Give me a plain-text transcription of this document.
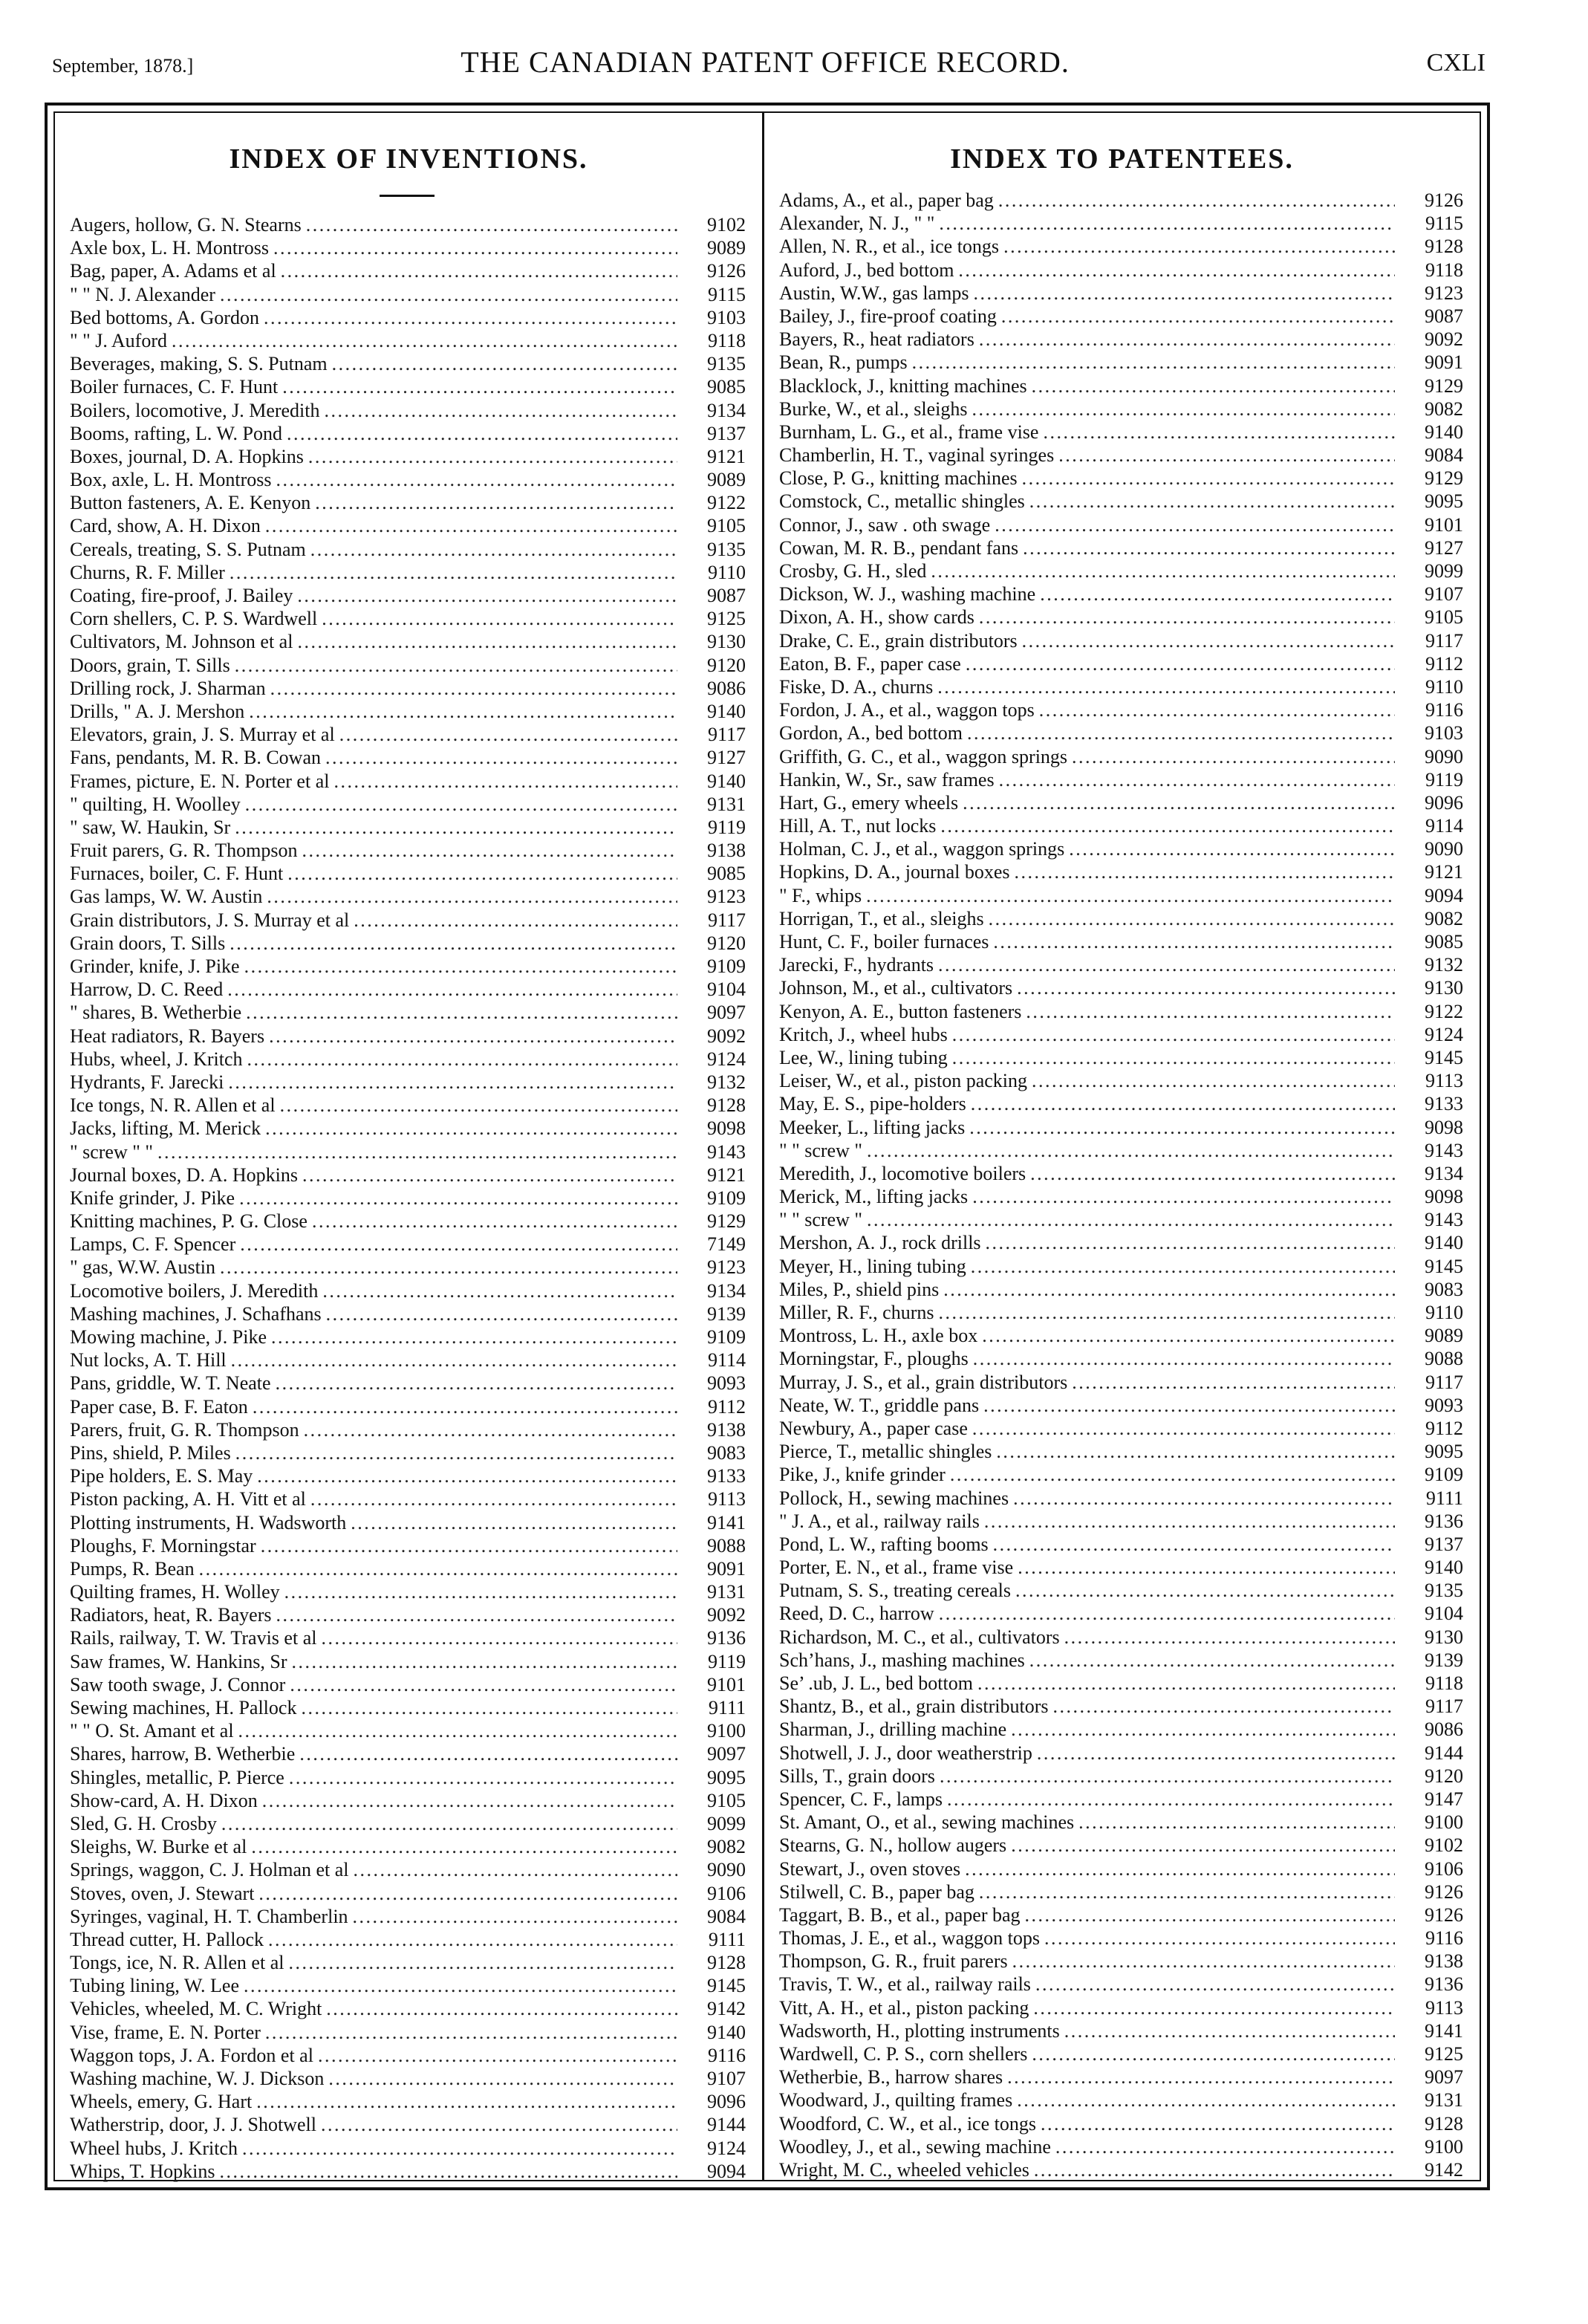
September, 1878.]	THE CANADIAN PATENT OFFICE RECORD.	CXLI
INDEX OF INVENTIONS.
Augers, hollow, G. N. Stearns . . .	9102
Axle box, L. H. Montross . . .	9089
Bag, paper, A. Adams et al . . .	9126
" " N. J. Alexander . . .	9115
Bed bottoms, A. Gordon . . .	9103
" " J. Auford . . .	9118
Beverages, making, S. S. Putnam . . .	9135
Boiler furnaces, C. F. Hunt . . .	9085
Boilers, locomotive, J. Meredith . . .	9134
Booms, rafting, L. W. Pond . . .	9137
Boxes, journal, D. A. Hopkins . . .	9121
Box, axle, L. H. Montross . . .	9089
Button fasteners, A. E. Kenyon . . .	9122
Card, show, A. H. Dixon . . .	9105
Cereals, treating, S. S. Putnam . . .	9135
Churns, R. F. Miller . . .	9110
Coating, fire-proof, J. Bailey . . .	9087
Corn shellers, C. P. S. Wardwell . . .	9125
Cultivators, M. Johnson et al . . .	9130
Doors, grain, T. Sills . . .	9120
Drilling rock, J. Sharman . . .	9086
Drills, " A. J. Mershon . . .	9140
Elevators, grain, J. S. Murray et al . . .	9117
Fans, pendants, M. R. B. Cowan . . .	9127
Frames, picture, E. N. Porter et al . . .	9140
" quilting, H. Woolley . . .	9131
" saw, W. Haukin, Sr . . .	9119
Fruit parers, G. R. Thompson . . .	9138
Furnaces, boiler, C. F. Hunt . . .	9085
Gas lamps, W. W. Austin . . .	9123
Grain distributors, J. S. Murray et al . . .	9117
Grain doors, T. Sills . . .	9120
Grinder, knife, J. Pike . . .	9109
Harrow, D. C. Reed . . .	9104
" shares, B. Wetherbie . . .	9097
Heat radiators, R. Bayers . . .	9092
Hubs, wheel, J. Kritch . . .	9124
Hydrants, F. Jarecki . . .	9132
Ice tongs, N. R. Allen et al . . .	9128
Jacks, lifting, M. Merick . . .	9098
" screw " " . . .	9143
Journal boxes, D. A. Hopkins . . .	9121
Knife grinder, J. Pike . . .	9109
Knitting machines, P. G. Close . . .	9129
Lamps, C. F. Spencer . . .	7149
" gas, W.W. Austin . . .	9123
Locomotive boilers, J. Meredith . . .	9134
Mashing machines, J. Schafhans . . .	9139
Mowing machine, J. Pike . . .	9109
Nut locks, A. T. Hill . . .	9114
Pans, griddle, W. T. Neate . . .	9093
Paper case, B. F. Eaton . . .	9112
Parers, fruit, G. R. Thompson . . .	9138
Pins, shield, P. Miles . . .	9083
Pipe holders, E. S. May . . .	9133
Piston packing, A. H. Vitt et al . . .	9113
Plotting instruments, H. Wadsworth . . .	9141
Ploughs, F. Morningstar . . .	9088
Pumps, R. Bean . . .	9091
Quilting frames, H. Wolley . . .	9131
Radiators, heat, R. Bayers . . .	9092
Rails, railway, T. W. Travis et al . . .	9136
Saw frames, W. Hankins, Sr . . .	9119
Saw tooth swage, J. Connor . . .	9101
Sewing machines, H. Pallock . . .	9111
" " O. St. Amant et al . . .	9100
Shares, harrow, B. Wetherbie . . .	9097
Shingles, metallic, P. Pierce . . .	9095
Show-card, A. H. Dixon . . .	9105
Sled, G. H. Crosby . . .	9099
Sleighs, W. Burke et al . . .	9082
Springs, waggon, C. J. Holman et al . . .	9090
Stoves, oven, J. Stewart . . .	9106
Syringes, vaginal, H. T. Chamberlin . . .	9084
Thread cutter, H. Pallock . . .	9111
Tongs, ice, N. R. Allen et al . . .	9128
Tubing lining, W. Lee . . .	9145
Vehicles, wheeled, M. C. Wright . . .	9142
Vise, frame, E. N. Porter . . .	9140
Waggon tops, J. A. Fordon et al . . .	9116
Washing machine, W. J. Dickson . . .	9107
Wheels, emery, G. Hart . . .	9096
Watherstrip, door, J. J. Shotwell . . .	9144
Wheel hubs, J. Kritch . . .	9124
Whips, T. Hopkins . . .	9094
INDEX TO PATENTEES.
Adams, A., et al., paper bag . . .	9126
Alexander, N. J., " " . . .	9115
Allen, N. R., et al., ice tongs . . .	9128
Auford, J., bed bottom . . .	9118
Austin, W.W., gas lamps . . .	9123
Bailey, J., fire-proof coating . . .	9087
Bayers, R., heat radiators . . .	9092
Bean, R., pumps . . .	9091
Blacklock, J., knitting machines . . .	9129
Burke, W., et al., sleighs . . .	9082
Burnham, L. G., et al., frame vise . . .	9140
Chamberlin, H. T., vaginal syringes . . .	9084
Close, P. G., knitting machines . . .	9129
Comstock, C., metallic shingles . . .	9095
Connor, J., saw . oth swage . . .	9101
Cowan, M. R. B., pendant fans . . .	9127
Crosby, G. H., sled . . .	9099
Dickson, W. J., washing machine . . .	9107
Dixon, A. H., show cards . . .	9105
Drake, C. E., grain distributors . . .	9117
Eaton, B. F., paper case . . .	9112
Fiske, D. A., churns . . .	9110
Fordon, J. A., et al., waggon tops . . .	9116
Gordon, A., bed bottom . . .	9103
Griffith, G. C., et al., waggon springs . . .	9090
Hankin, W., Sr., saw frames . . .	9119
Hart, G., emery wheels . . .	9096
Hill, A. T., nut locks . . .	9114
Holman, C. J., et al., waggon springs . . .	9090
Hopkins, D. A., journal boxes . . .	9121
" F., whips . . .	9094
Horrigan, T., et al., sleighs . . .	9082
Hunt, C. F., boiler furnaces . . .	9085
Jarecki, F., hydrants . . .	9132
Johnson, M., et al., cultivators . . .	9130
Kenyon, A. E., button fasteners . . .	9122
Kritch, J., wheel hubs . . .	9124
Lee, W., lining tubing . . .	9145
Leiser, W., et al., piston packing . . .	9113
May, E. S., pipe-holders . . .	9133
Meeker, L., lifting jacks . . .	9098
" " screw " . . .	9143
Meredith, J., locomotive boilers . . .	9134
Merick, M., lifting jacks . . .	9098
" " screw " . . .	9143
Mershon, A. J., rock drills . . .	9140
Meyer, H., lining tubing . . .	9145
Miles, P., shield pins . . .	9083
Miller, R. F., churns . . .	9110
Montross, L. H., axle box . . .	9089
Morningstar, F., ploughs . . .	9088
Murray, J. S., et al., grain distributors . . .	9117
Neate, W. T., griddle pans . . .	9093
Newbury, A., paper case . . .	9112
Pierce, T., metallic shingles . . .	9095
Pike, J., knife grinder . . .	9109
Pollock, H., sewing machines . . .	9111
" J. A., et al., railway rails . . .	9136
Pond, L. W., rafting booms . . .	9137
Porter, E. N., et al., frame vise . . .	9140
Putnam, S. S., treating cereals . . .	9135
Reed, D. C., harrow . . .	9104
Richardson, M. C., et al., cultivators . . .	9130
Sch’hans, J., mashing machines . . .	9139
Se’ .ub, J. L., bed bottom . . .	9118
Shantz, B., et al., grain distributors . . .	9117
Sharman, J., drilling machine . . .	9086
Shotwell, J. J., door weatherstrip . . .	9144
Sills, T., grain doors . . .	9120
Spencer, C. F., lamps . . .	9147
St. Amant, O., et al., sewing machines . . .	9100
Stearns, G. N., hollow augers . . .	9102
Stewart, J., oven stoves . . .	9106
Stilwell, C. B., paper bag . . .	9126
Taggart, B. B., et al., paper bag . . .	9126
Thomas, J. E., et al., waggon tops . . .	9116
Thompson, G. R., fruit parers . . .	9138
Travis, T. W., et al., railway rails . . .	9136
Vitt, A. H., et al., piston packing . . .	9113
Wadsworth, H., plotting instruments . . .	9141
Wardwell, C. P. S., corn shellers . . .	9125
Wetherbie, B., harrow shares . . .	9097
Woodward, J., quilting frames . . .	9131
Woodford, C. W., et al., ice tongs . . .	9128
Woodley, J., et al., sewing machine . . .	9100
Wright, M. C., wheeled vehicles . . .	9142
